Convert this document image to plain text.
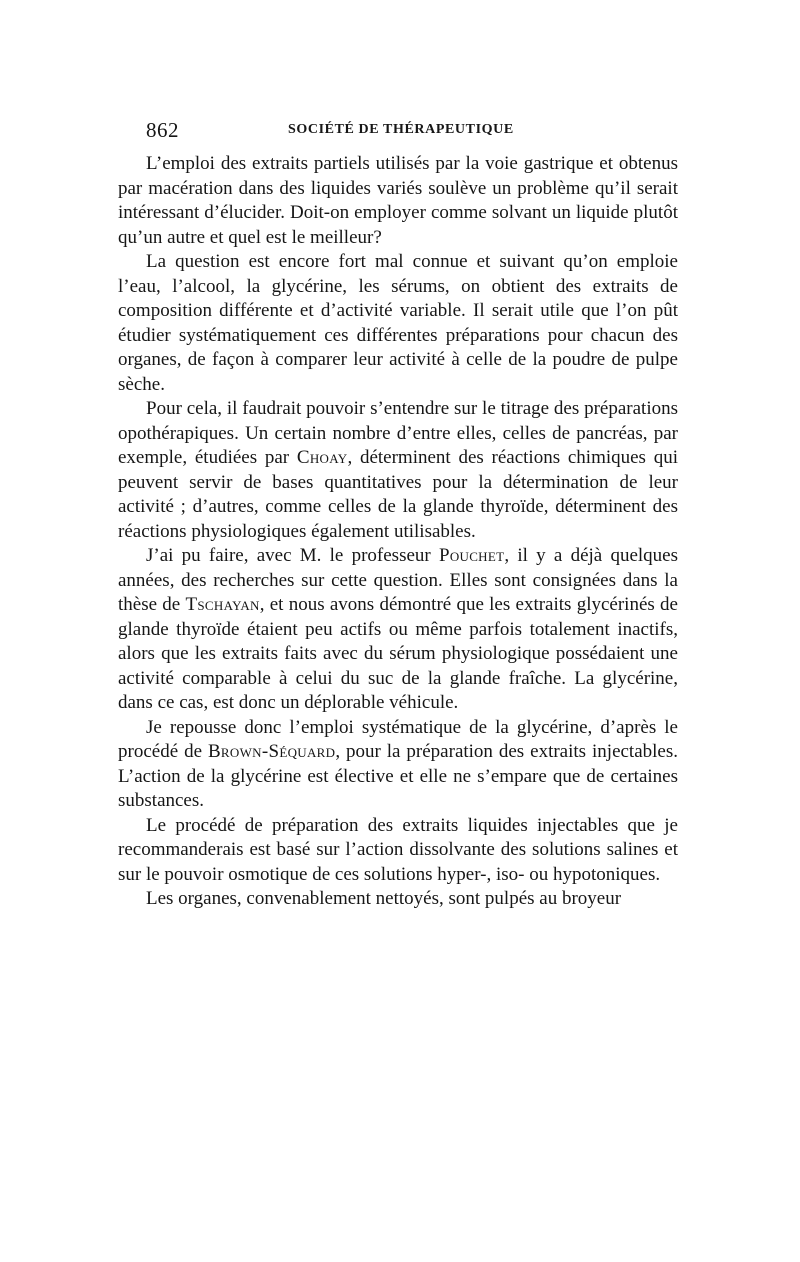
862	SOCIÉTÉ DE THÉRAPEUTIQUE

L’emploi des extraits partiels utilisés par la voie gastrique et obtenus par macération dans des liquides variés soulève un problème qu’il serait intéressant d’élucider. Doit-on employer comme solvant un liquide plutôt qu’un autre et quel est le meilleur?

La question est encore fort mal connue et suivant qu’on emploie l’eau, l’alcool, la glycérine, les sérums, on obtient des extraits de composition différente et d’activité variable. Il serait utile que l’on pût étudier systématiquement ces différentes préparations pour chacun des organes, de façon à comparer leur activité à celle de la poudre de pulpe sèche.

Pour cela, il faudrait pouvoir s’entendre sur le titrage des préparations opothérapiques. Un certain nombre d’entre elles, celles de pancréas, par exemple, étudiées par Choay, déterminent des réactions chimiques qui peuvent servir de bases quantitatives pour la détermination de leur activité ; d’autres, comme celles de la glande thyroïde, déterminent des réactions physiologiques également utilisables.

J’ai pu faire, avec M. le professeur Pouchet, il y a déjà quelques années, des recherches sur cette question. Elles sont consignées dans la thèse de Tschayan, et nous avons démontré que les extraits glycérinés de glande thyroïde étaient peu actifs ou même parfois totalement inactifs, alors que les extraits faits avec du sérum physiologique possédaient une activité comparable à celui du suc de la glande fraîche. La glycérine, dans ce cas, est donc un déplorable véhicule.

Je repousse donc l’emploi systématique de la glycérine, d’après le procédé de Brown-Séquard, pour la préparation des extraits injectables. L’action de la glycérine est élective et elle ne s’empare que de certaines substances.

Le procédé de préparation des extraits liquides injectables que je recommanderais est basé sur l’action dissolvante des solutions salines et sur le pouvoir osmotique de ces solutions hyper-, iso- ou hypotoniques.

Les organes, convenablement nettoyés, sont pulpés au broyeur
